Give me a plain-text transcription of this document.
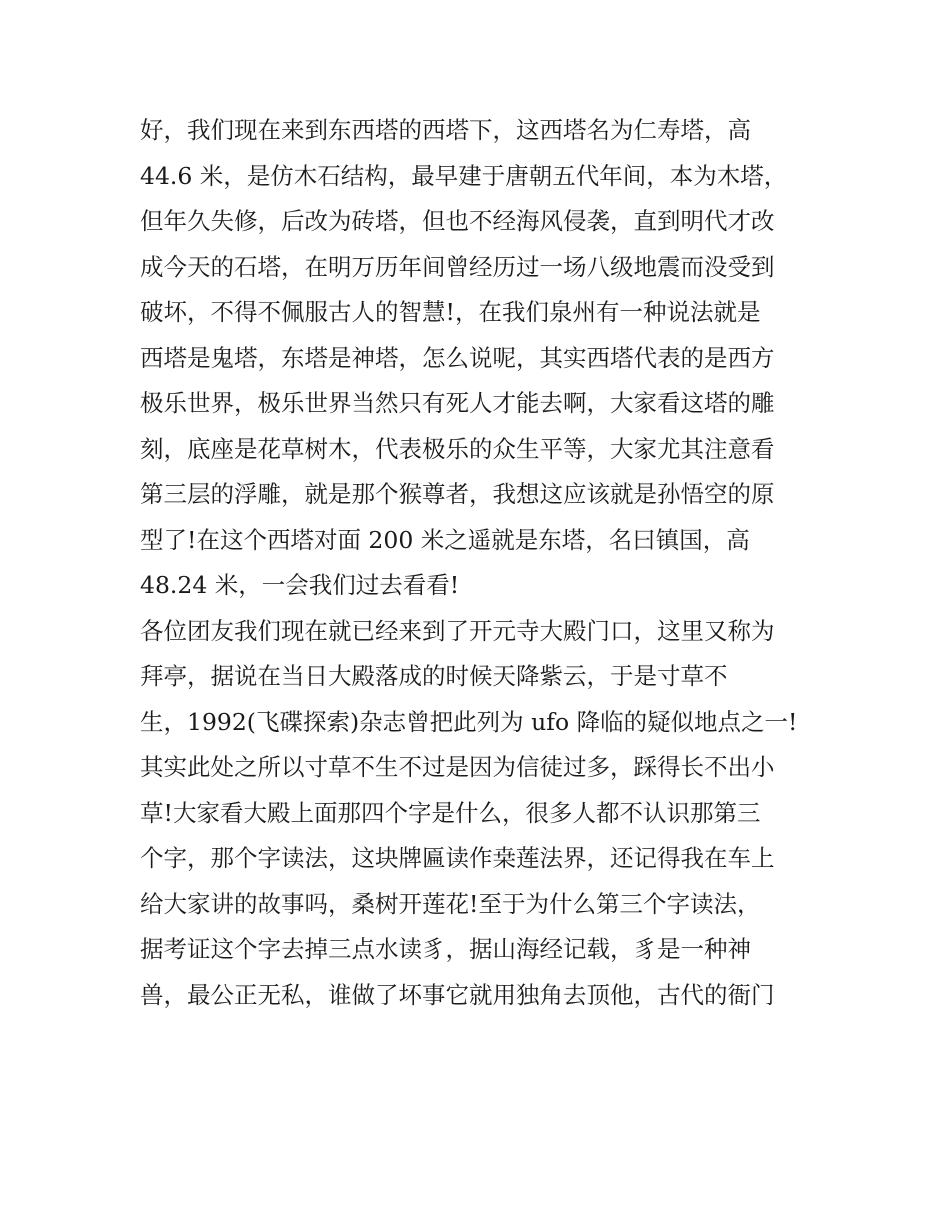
好，我们现在来到东西塔的西塔下，这西塔名为仁寿塔，高
44.6 米，是仿木石结构，最早建于唐朝五代年间，本为木塔，
但年久失修，后改为砖塔，但也不经海风侵袭，直到明代才改
成今天的石塔，在明万历年间曾经历过一场八级地震而没受到
破坏，不得不佩服古人的智慧!，在我们泉州有一种说法就是
西塔是鬼塔，东塔是神塔，怎么说呢，其实西塔代表的是西方
极乐世界，极乐世界当然只有死人才能去啊，大家看这塔的雕
刻，底座是花草树木，代表极乐的众生平等，大家尤其注意看
第三层的浮雕，就是那个猴尊者，我想这应该就是孙悟空的原
型了!在这个西塔对面 200 米之遥就是东塔，名曰镇国，高
48.24 米，一会我们过去看看!
各位团友我们现在就已经来到了开元寺大殿门口，这里又称为
拜亭，据说在当日大殿落成的时候天降紫云，于是寸草不
生，1992(飞碟探索)杂志曾把此列为 ufo 降临的疑似地点之一!
其实此处之所以寸草不生不过是因为信徒过多，踩得长不出小
草!大家看大殿上面那四个字是什么，很多人都不认识那第三
个字，那个字读法，这块牌匾读作桒莲法界，还记得我在车上
给大家讲的故事吗，桑树开莲花!至于为什么第三个字读法，
据考证这个字去掉三点水读豸，据山海经记载，豸是一种神
兽，最公正无私，谁做了坏事它就用独角去顶他，古代的衙门
